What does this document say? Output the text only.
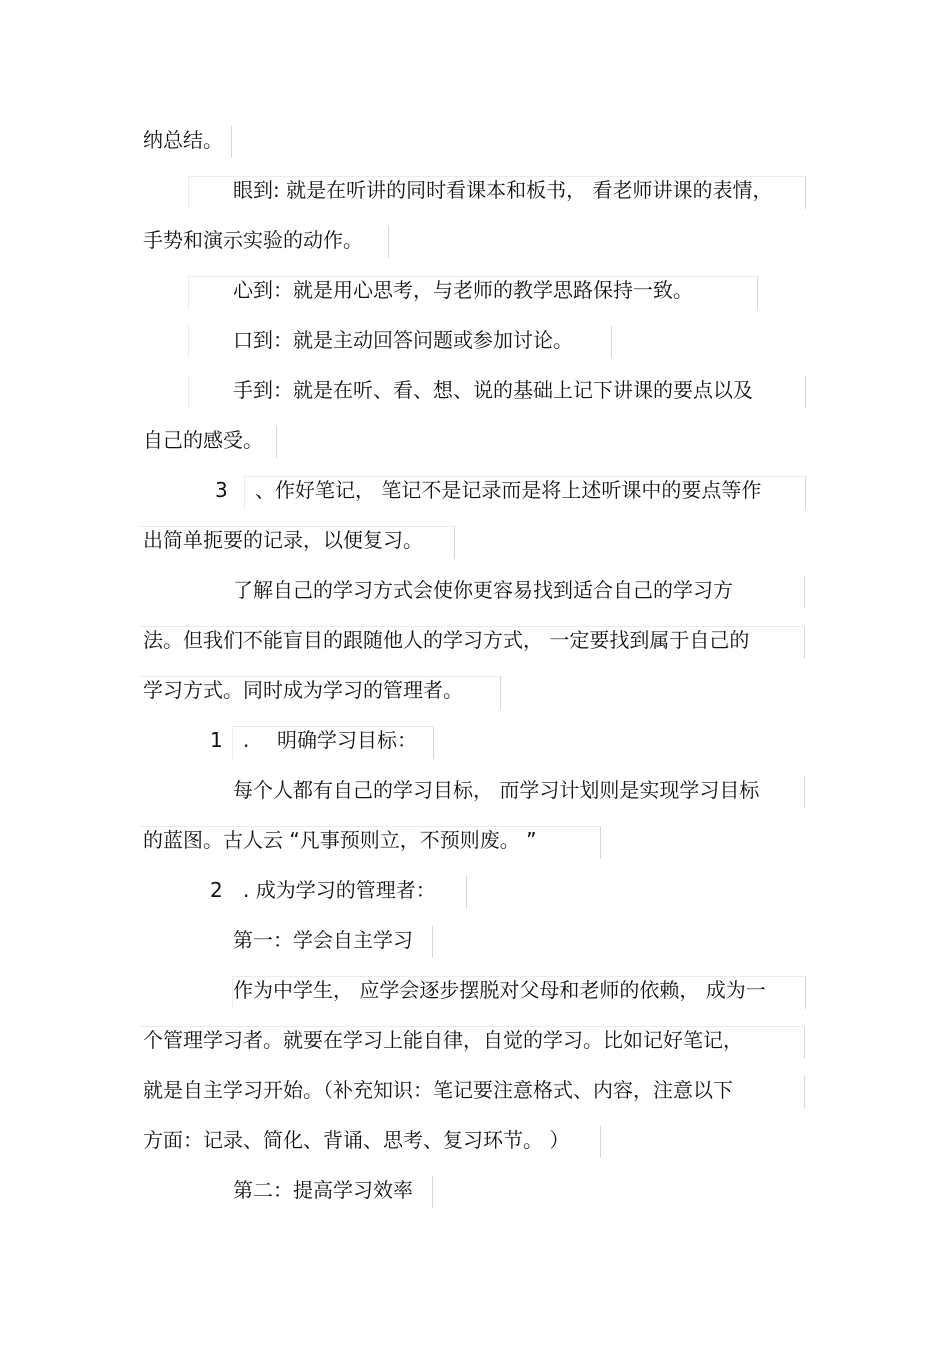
纳总结。
眼到: 就是在听讲的同时看课本和板书， 看老师讲课的表情，
手势和演示实验的动作。
心到：就是用心思考，与老师的教学思路保持一致。
口到：就是主动回答问题或参加讨论。
手到：就是在听、看、想、说的基础上记下讲课的要点以及
自己的感受。
3 、作好笔记， 笔记不是记录而是将上述听课中的要点等作
出简单扼要的记录，以便复习。
了解自己的学习方式会使你更容易找到适合自己的学习方
法。但我们不能盲目的跟随他人的学习方式， 一定要找到属于自己的
学习方式。同时成为学习的管理者。
1 . 明确学习目标：
每个人都有自己的学习目标， 而学习计划则是实现学习目标
的蓝图。古人云 “凡事预则立，不预则废。 ”
2 . 成为学习的管理者：
第一：学会自主学习
作为中学生， 应学会逐步摆脱对父母和老师的依赖， 成为一
个管理学习者。就要在学习上能自律，自觉的学习。比如记好笔记，
就是自主学习开始。（补充知识：笔记要注意格式、内容，注意以下
方面：记录、简化、背诵、思考、复习环节。 ）
第二：提高学习效率
